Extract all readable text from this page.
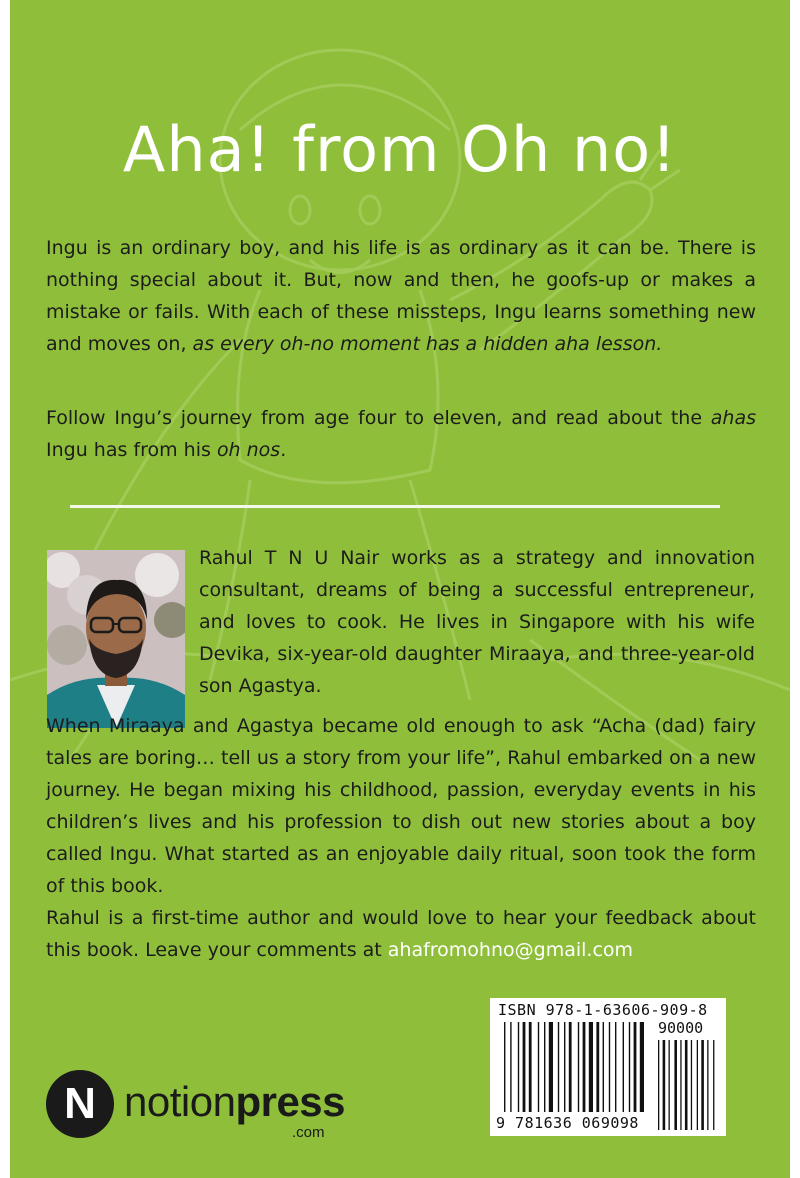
Aha! from Oh no!
Ingu is an ordinary boy, and his life is as ordinary as it can be. There is nothing special about it. But, now and then, he goofs-up or makes a mistake or fails. With each of these missteps, Ingu learns something new and moves on, as every oh-no moment has a hidden aha lesson.
Follow Ingu’s journey from age four to eleven, and read about the ahas Ingu has from his oh nos.
Rahul T N U Nair works as a strategy and innovation consultant, dreams of being a successful entrepreneur, and loves to cook. He lives in Singapore with his wife Devika, six-year-old daughter Miraaya, and three-year-old son Agastya.
When Miraaya and Agastya became old enough to ask “Acha (dad) fairy tales are boring… tell us a story from your life”, Rahul embarked on a new journey. He began mixing his childhood, passion, everyday events in his children’s lives and his profession to dish out new stories about a boy called Ingu. What started as an enjoyable daily ritual, soon took the form of this book.
Rahul is a first-time author and would love to hear your feedback about this book. Leave your comments at ahafromohno@gmail.com
ISBN 978-1-63606-909-8
90000
9 781636 069098
N notionpress
.com
